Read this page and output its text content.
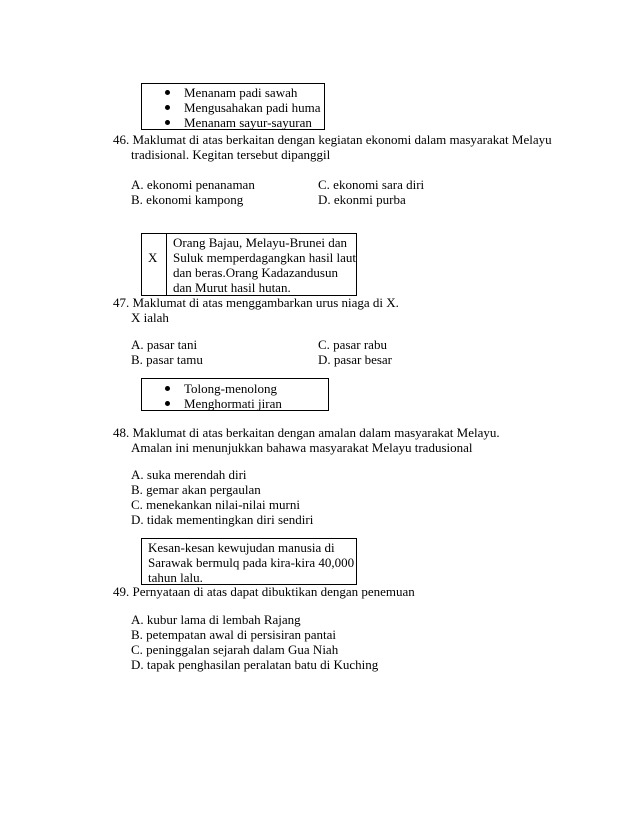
Menanam padi sawah
Mengusahakan padi huma
Menanam sayur-sayuran
46. Maklumat di atas berkaitan dengan kegiatan ekonomi dalam masyarakat Melayu
tradisional. Kegitan tersebut dipanggil
A. ekonomi penanaman	C. ekonomi sara diri
B. ekonomi kampong	D. ekonmi purba
X
Orang Bajau, Melayu-Brunei dan
Suluk memperdagangkan hasil laut
dan beras.Orang Kadazandusun
dan Murut hasil hutan.
47. Maklumat di atas menggambarkan urus niaga di X.
X ialah
A. pasar tani	C. pasar rabu
B. pasar tamu	D. pasar besar
Tolong-menolong
Menghormati jiran
48. Maklumat di atas berkaitan dengan amalan dalam masyarakat Melayu.
Amalan ini menunjukkan bahawa masyarakat Melayu tradusional
A. suka merendah diri
B. gemar akan pergaulan
C. menekankan nilai-nilai murni
D. tidak mementingkan diri sendiri
Kesan-kesan kewujudan manusia di
Sarawak bermulq pada kira-kira 40,000
tahun lalu.
49. Pernyataan di atas dapat dibuktikan dengan penemuan
A. kubur lama di lembah Rajang
B. petempatan awal di persisiran pantai
C. peninggalan sejarah dalam Gua Niah
D. tapak penghasilan peralatan batu di Kuching
